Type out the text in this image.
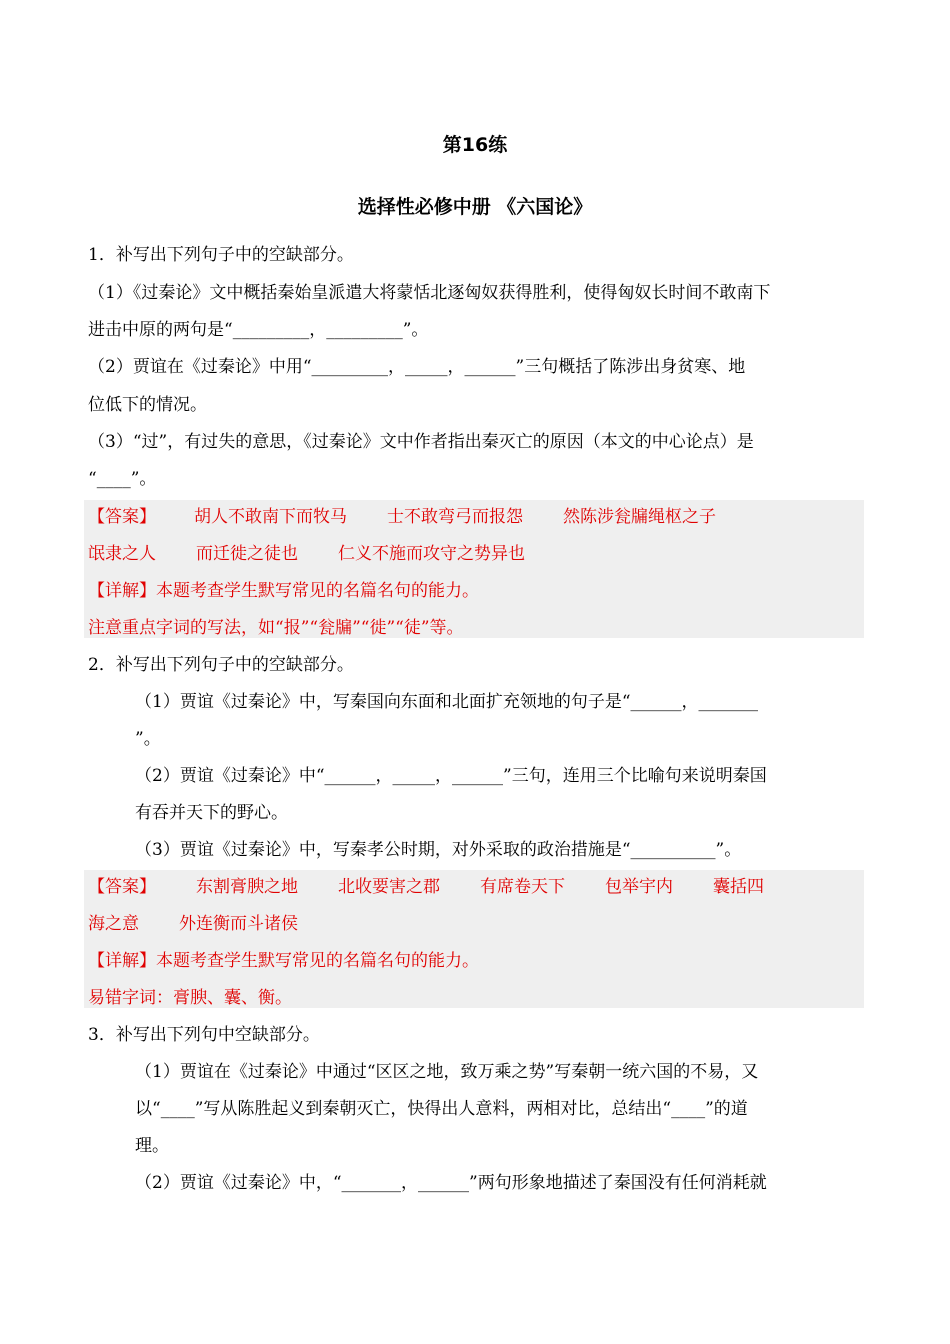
第16练
选择性必修中册 《六国论》
1．补写出下列句子中的空缺部分。
（1）《过秦论》文中概括秦始皇派遣大将蒙恬北逐匈奴获得胜利，使得匈奴长时间不敢南下
进击中原的两句是“_________，_________”。
（2）贾谊在《过秦论》中用“_________，_____，______”三句概括了陈涉出身贫寒、地
位低下的情况。
（3）“过”，有过失的意思，《过秦论》文中作者指出秦灭亡的原因（本文的中心论点）是
“____”。
【答案】 胡人不敢南下而牧马 士不敢弯弓而报怨 然陈涉瓮牖绳枢之子
氓隶之人 而迁徙之徒也 仁义不施而攻守之势异也
【详解】本题考查学生默写常见的名篇名句的能力。
注意重点字词的写法，如“报”“瓮牖”“徙”“徒”等。
2．补写出下列句子中的空缺部分。
（1）贾谊《过秦论》中，写秦国向东面和北面扩充领地的句子是“______，_______
”。
（2）贾谊《过秦论》中“______，_____，______”三句，连用三个比喻句来说明秦国
有吞并天下的野心。
（3）贾谊《过秦论》中，写秦孝公时期，对外采取的政治措施是“__________”。
【答案】 东割膏腴之地 北收要害之郡 有席卷天下 包举宇内 囊括四
海之意 外连衡而斗诸侯
【详解】本题考查学生默写常见的名篇名句的能力。
易错字词：膏腴、囊、衡。
3．补写出下列句中空缺部分。
（1）贾谊在《过秦论》中通过“区区之地，致万乘之势”写秦朝一统六国的不易，又
以“____”写从陈胜起义到秦朝灭亡，快得出人意料，两相对比，总结出“____”的道
理。
（2）贾谊《过秦论》中，“_______，______”两句形象地描述了秦国没有任何消耗就
